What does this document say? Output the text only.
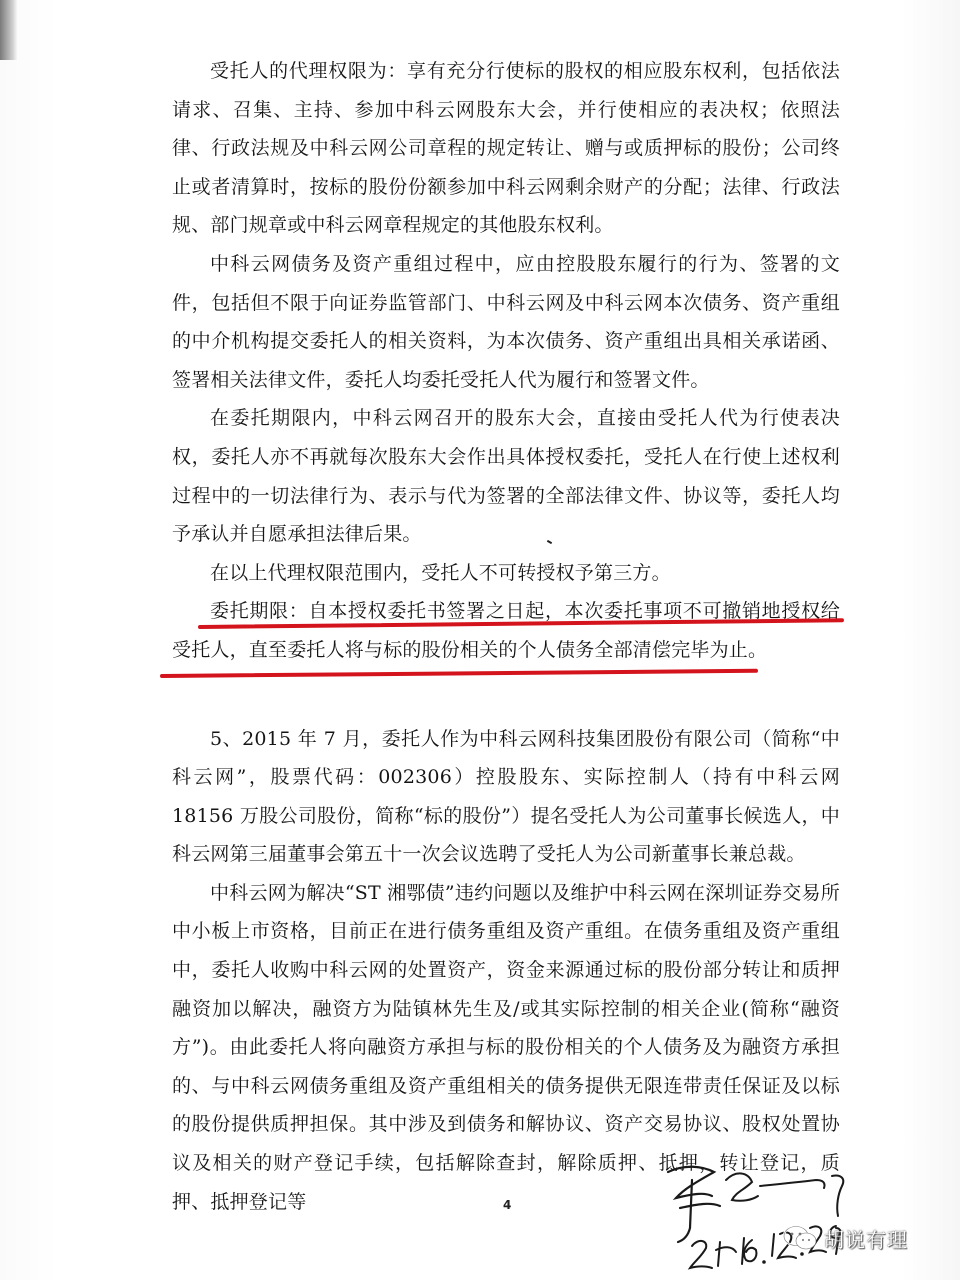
受托人的代理权限为：享有充分行使标的股权的相应股东权利，包括依法请求、召集、主持、参加中科云网股东大会，并行使相应的表决权；依照法律、行政法规及中科云网公司章程的规定转让、赠与或质押标的股份；公司终止或者清算时，按标的股份份额参加中科云网剩余财产的分配；法律、行政法规、部门规章或中科云网章程规定的其他股东权利。

中科云网债务及资产重组过程中，应由控股股东履行的行为、签署的文件，包括但不限于向证券监管部门、中科云网及中科云网本次债务、资产重组的中介机构提交委托人的相关资料，为本次债务、资产重组出具相关承诺函、签署相关法律文件，委托人均委托受托人代为履行和签署文件。

在委托期限内，中科云网召开的股东大会，直接由受托人代为行使表决权，委托人亦不再就每次股东大会作出具体授权委托，受托人在行使上述权利过程中的一切法律行为、表示与代为签署的全部法律文件、协议等，委托人均予承认并自愿承担法律后果。

在以上代理权限范围内，受托人不可转授权予第三方。

委托期限：自本授权委托书签署之日起，本次委托事项不可撤销地授权给受托人，直至委托人将与标的股份相关的个人债务全部清偿完毕为止。

5、2015 年 7 月，委托人作为中科云网科技集团股份有限公司（简称“中科云网”，股票代码：002306）控股股东、实际控制人（持有中科云网 18156 万股公司股份，简称“标的股份”）提名受托人为公司董事长候选人，中科云网第三届董事会第五十一次会议选聘了受托人为公司新董事长兼总裁。

中科云网为解决“ST 湘鄂债”违约问题以及维护中科云网在深圳证券交易所中小板上市资格，目前正在进行债务重组及资产重组。在债务重组及资产重组中，委托人收购中科云网的处置资产，资金来源通过标的股份部分转让和质押融资加以解决，融资方为陆镇林先生及/或其实际控制的相关企业(简称“融资方”)。由此委托人将向融资方承担与标的股份相关的个人债务及为融资方承担的、与中科云网债务重组及资产重组相关的债务提供无限连带责任保证及以标的股份提供质押担保。其中涉及到债务和解协议、资产交易协议、股权处置协议及相关的财产登记手续，包括解除查封，解除质押、抵押，转让登记，质押、抵押登记等	4
胡说有理
